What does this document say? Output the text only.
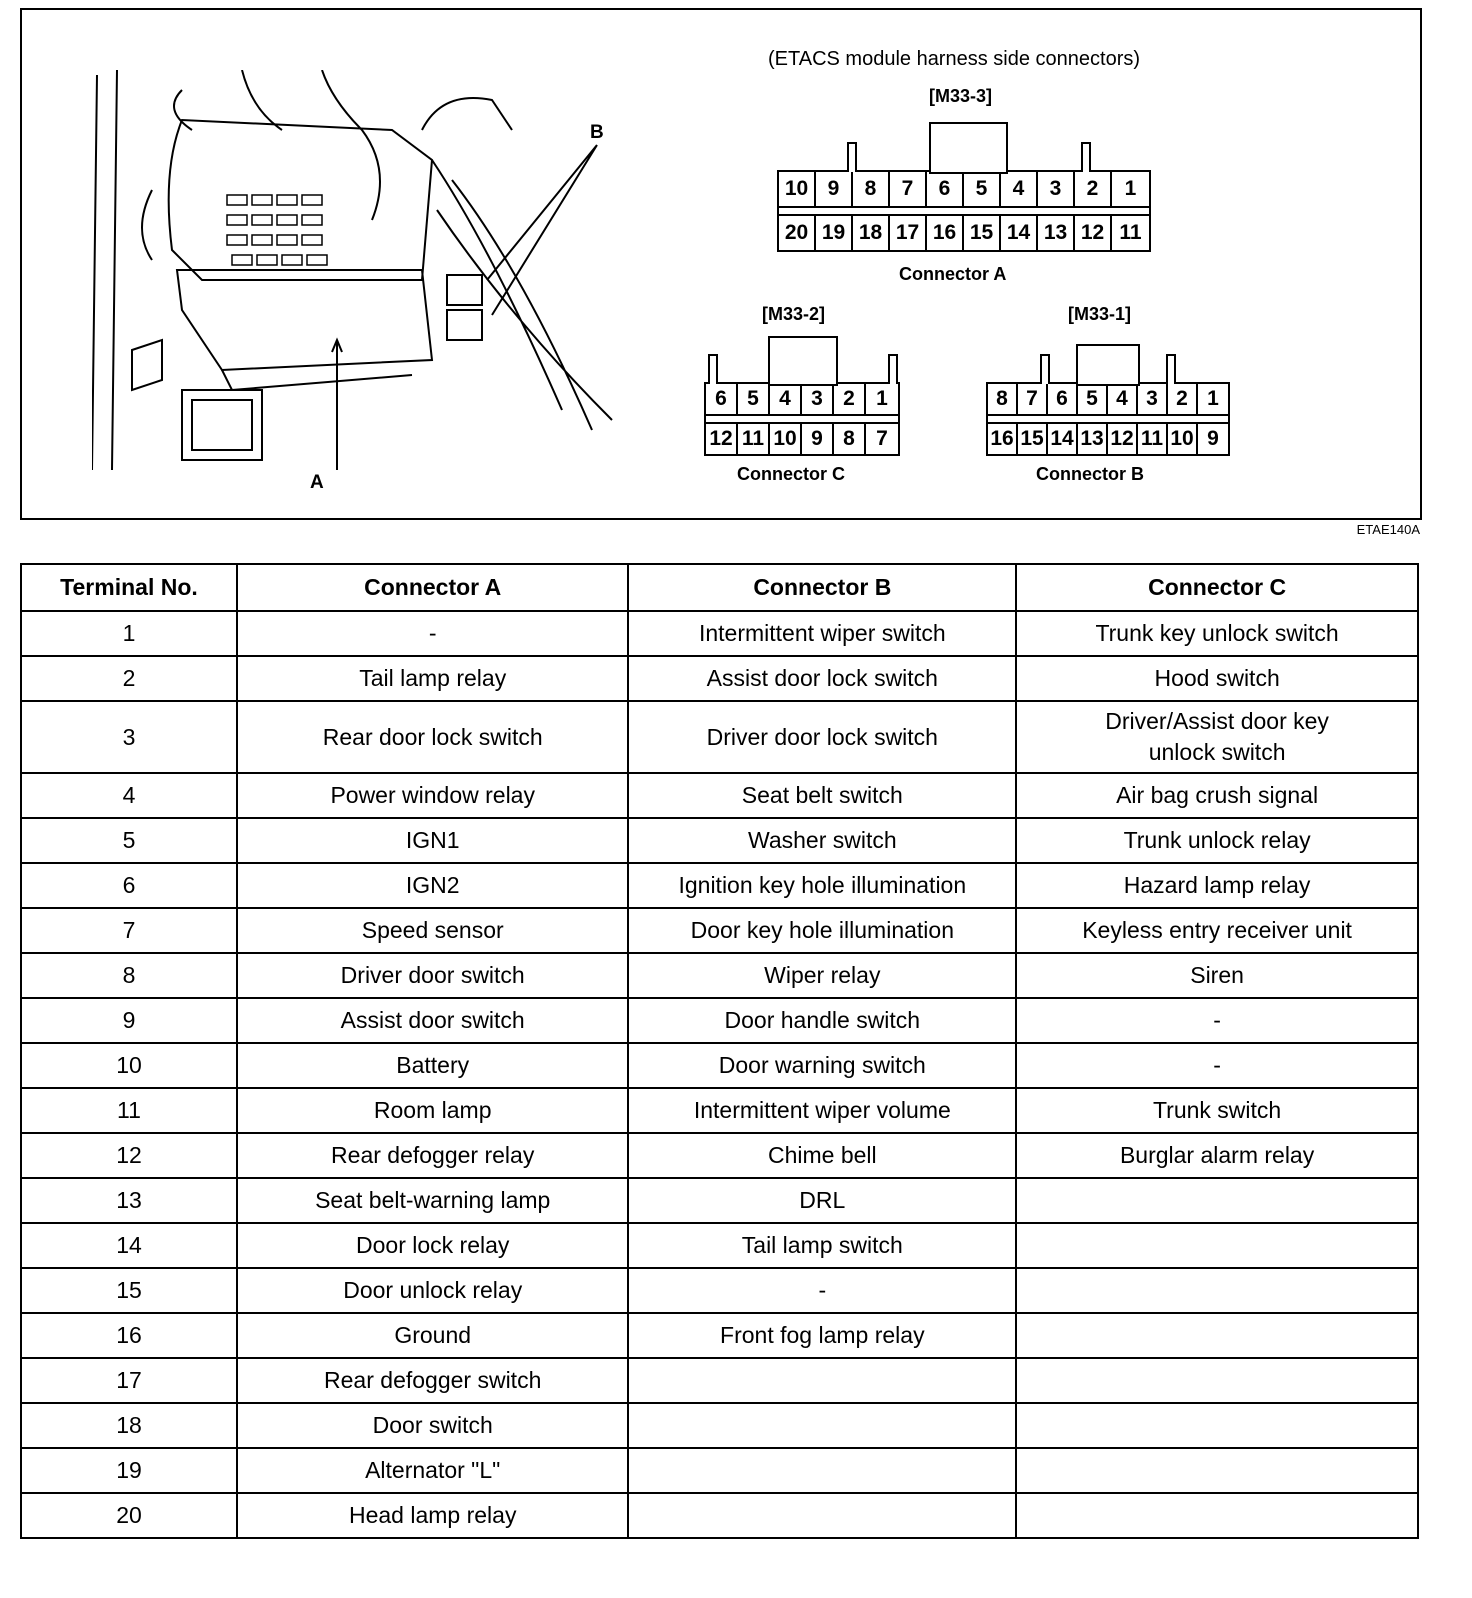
A
B
(ETACS module harness side connectors)
[M33-3]
Connector A
10 9	8	7	6	5	4	3	2	1
20 19 18 17 16 15 14 13 12 11
[M33-2]
Connector C
6 5 4 3 2	1
12 11 10 9 8	7
[M33-1]
Connector B
8 7 6 5 4 3 2 1
16 15 14 13 12 11 10 9
ETAE140A
Terminal No.	Connector A	Connector B	Connector C
1	-	Intermittent wiper switch	Trunk key unlock switch
2	Tail lamp relay	Assist door lock switch	Hood switch
3	Rear door lock switch	Driver door lock switch	Driver/Assist door key unlock switch
4	Power window relay	Seat belt switch	Air bag crush signal
5	IGN1	Washer switch	Trunk unlock relay
6	IGN2	Ignition key hole illumination	Hazard lamp relay
7	Speed sensor	Door key hole illumination	Keyless entry receiver unit
8	Driver door switch	Wiper relay	Siren
9	Assist door switch	Door handle switch	-
10	Battery	Door warning switch	-
11	Room lamp	Intermittent wiper volume	Trunk switch
12	Rear defogger relay	Chime bell	Burglar alarm relay
13	Seat belt-warning lamp	DRL	
14	Door lock relay	Tail lamp switch	
15	Door unlock relay	-	
16	Ground	Front fog lamp relay	
17	Rear defogger switch		
18	Door switch		
19	Alternator "L"		
20	Head lamp relay		
